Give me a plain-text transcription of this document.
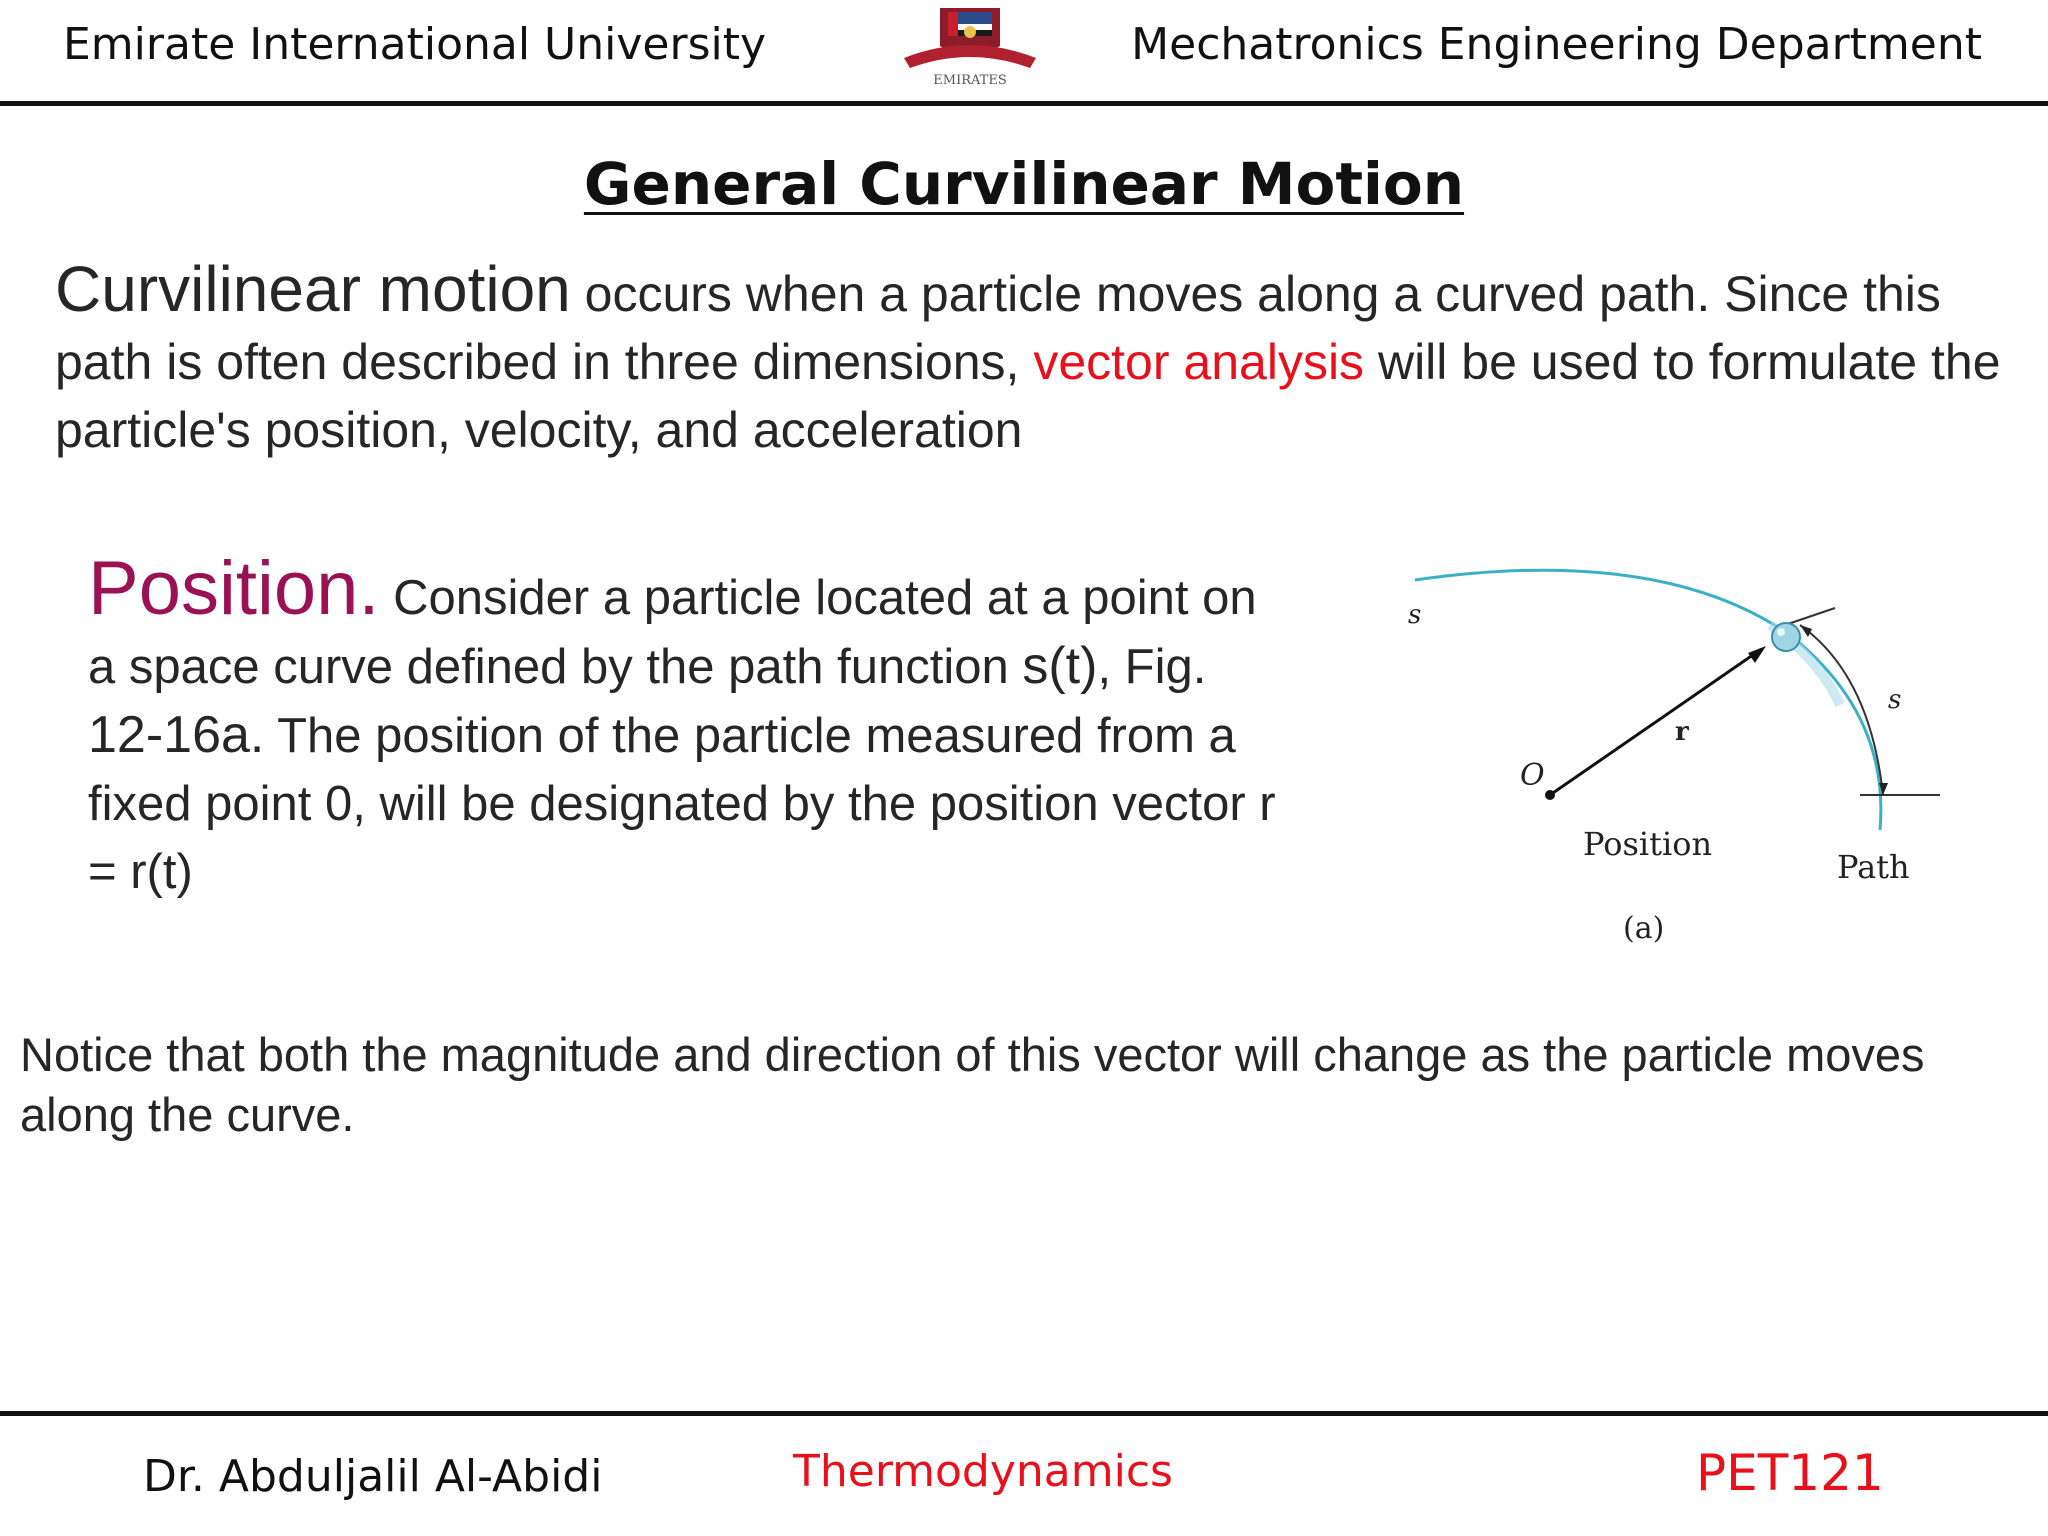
Emirate International University
EMIRATES
Mechatronics Engineering Department
General Curvilinear Motion
Curvilinear motion occurs when a particle moves along a curved path. Since this path is often described in three dimensions, vector analysis will be used to formulate the particle's position, velocity, and acceleration
Position. Consider a particle located at a point on a space curve defined by the path function s(t), Fig. 12-16a. The position of the particle measured from a fixed point 0, will be designated by the position vector r = r(t)
s
s
r
O
Position
Path
(a)
Notice that both the magnitude and direction of this vector will change as the particle moves along the curve.
Dr. Abduljalil Al-Abidi	Thermodynamics	PET121
